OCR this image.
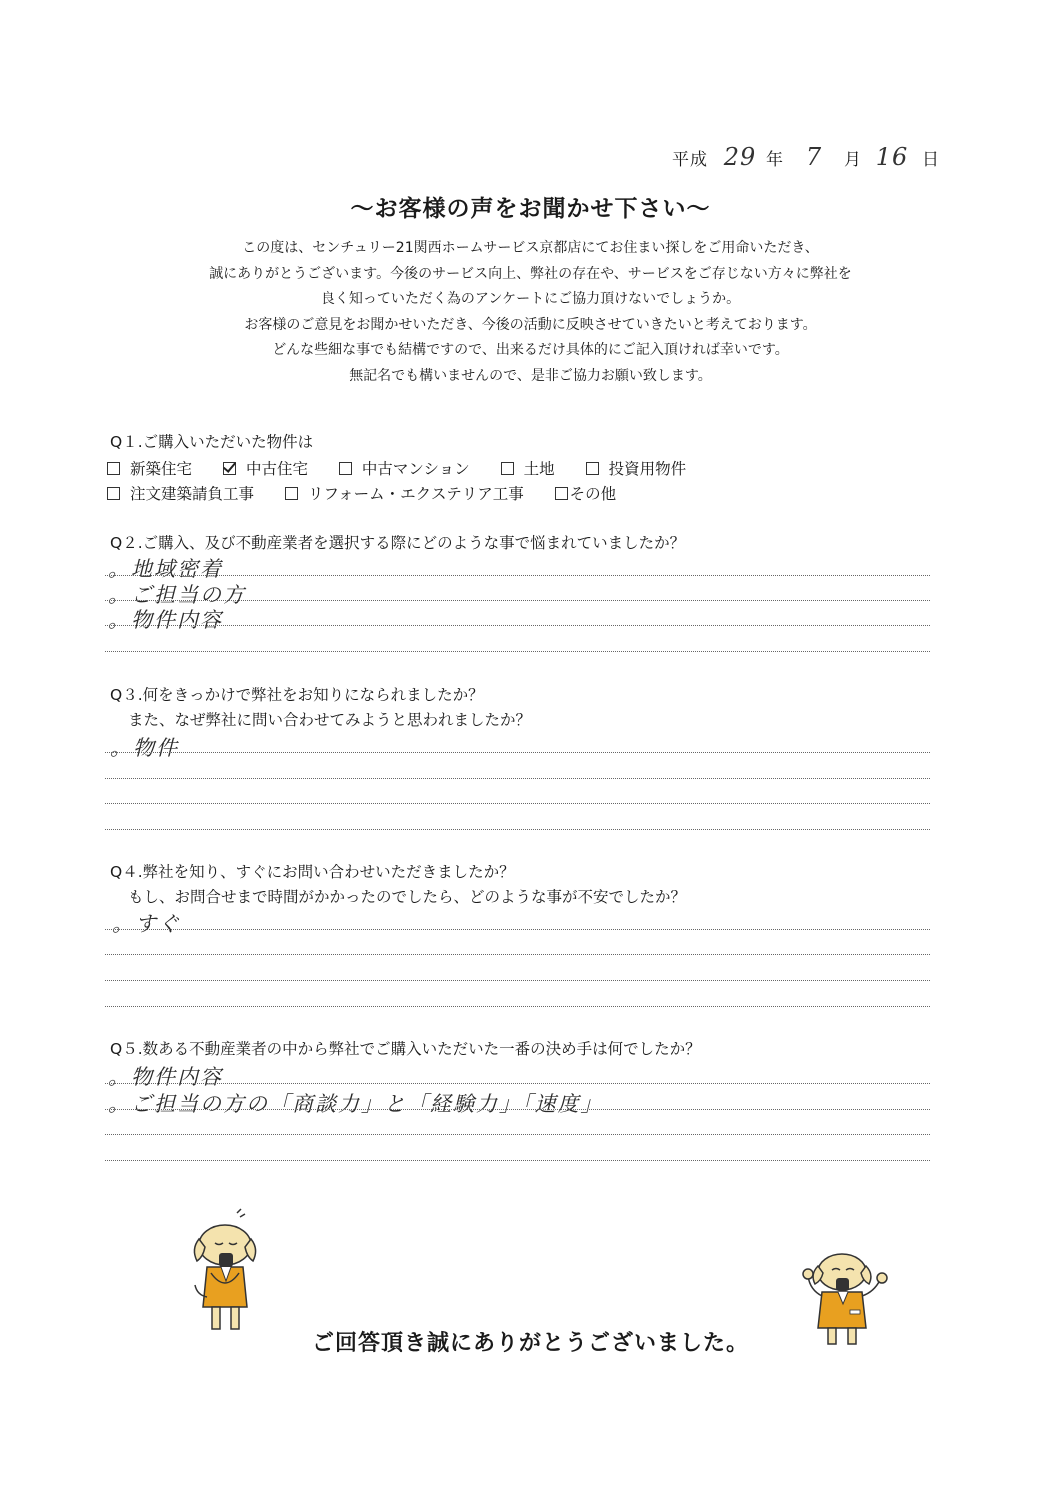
平成 29 年 7 月 16 日
～お客様の声をお聞かせ下さい～
この度は、センチュリー21関西ホームサービス京都店にてお住まい探しをご用命いただき、
誠にありがとうございます。今後のサービス向上、弊社の存在や、サービスをご存じない方々に弊社を
良く知っていただく為のアンケートにご協力頂けないでしょうか。
お客様のご意見をお聞かせいただき、今後の活動に反映させていきたいと考えております。
どんな些細な事でも結構ですので、出来るだけ具体的にご記入頂ければ幸いです。
無記名でも構いませんので、是非ご協力お願い致します。
Q１.ご購入いただいた物件は
新築住宅	中古住宅	中古マンション	土地	投資用物件
注文建築請負工事	リフォーム・エクステリア工事	その他
Q２.ご購入、及び不動産業者を選択する際にどのような事で悩まれていましたか？
。地域密着
。ご担当の方
。物件内容
Q３.何をきっかけで弊社をお知りになられましたか？
また、なぜ弊社に問い合わせてみようと思われましたか？
。物件
Q４.弊社を知り、すぐにお問い合わせいただきましたか？
もし、お問合せまで時間がかかったのでしたら、どのような事が不安でしたか？
。すぐ
Q５.数ある不動産業者の中から弊社でご購入いただいた一番の決め手は何でしたか？
。物件内容
。ご担当の方の「商談力」と「経験力」「速度」
ご回答頂き誠にありがとうございました。
